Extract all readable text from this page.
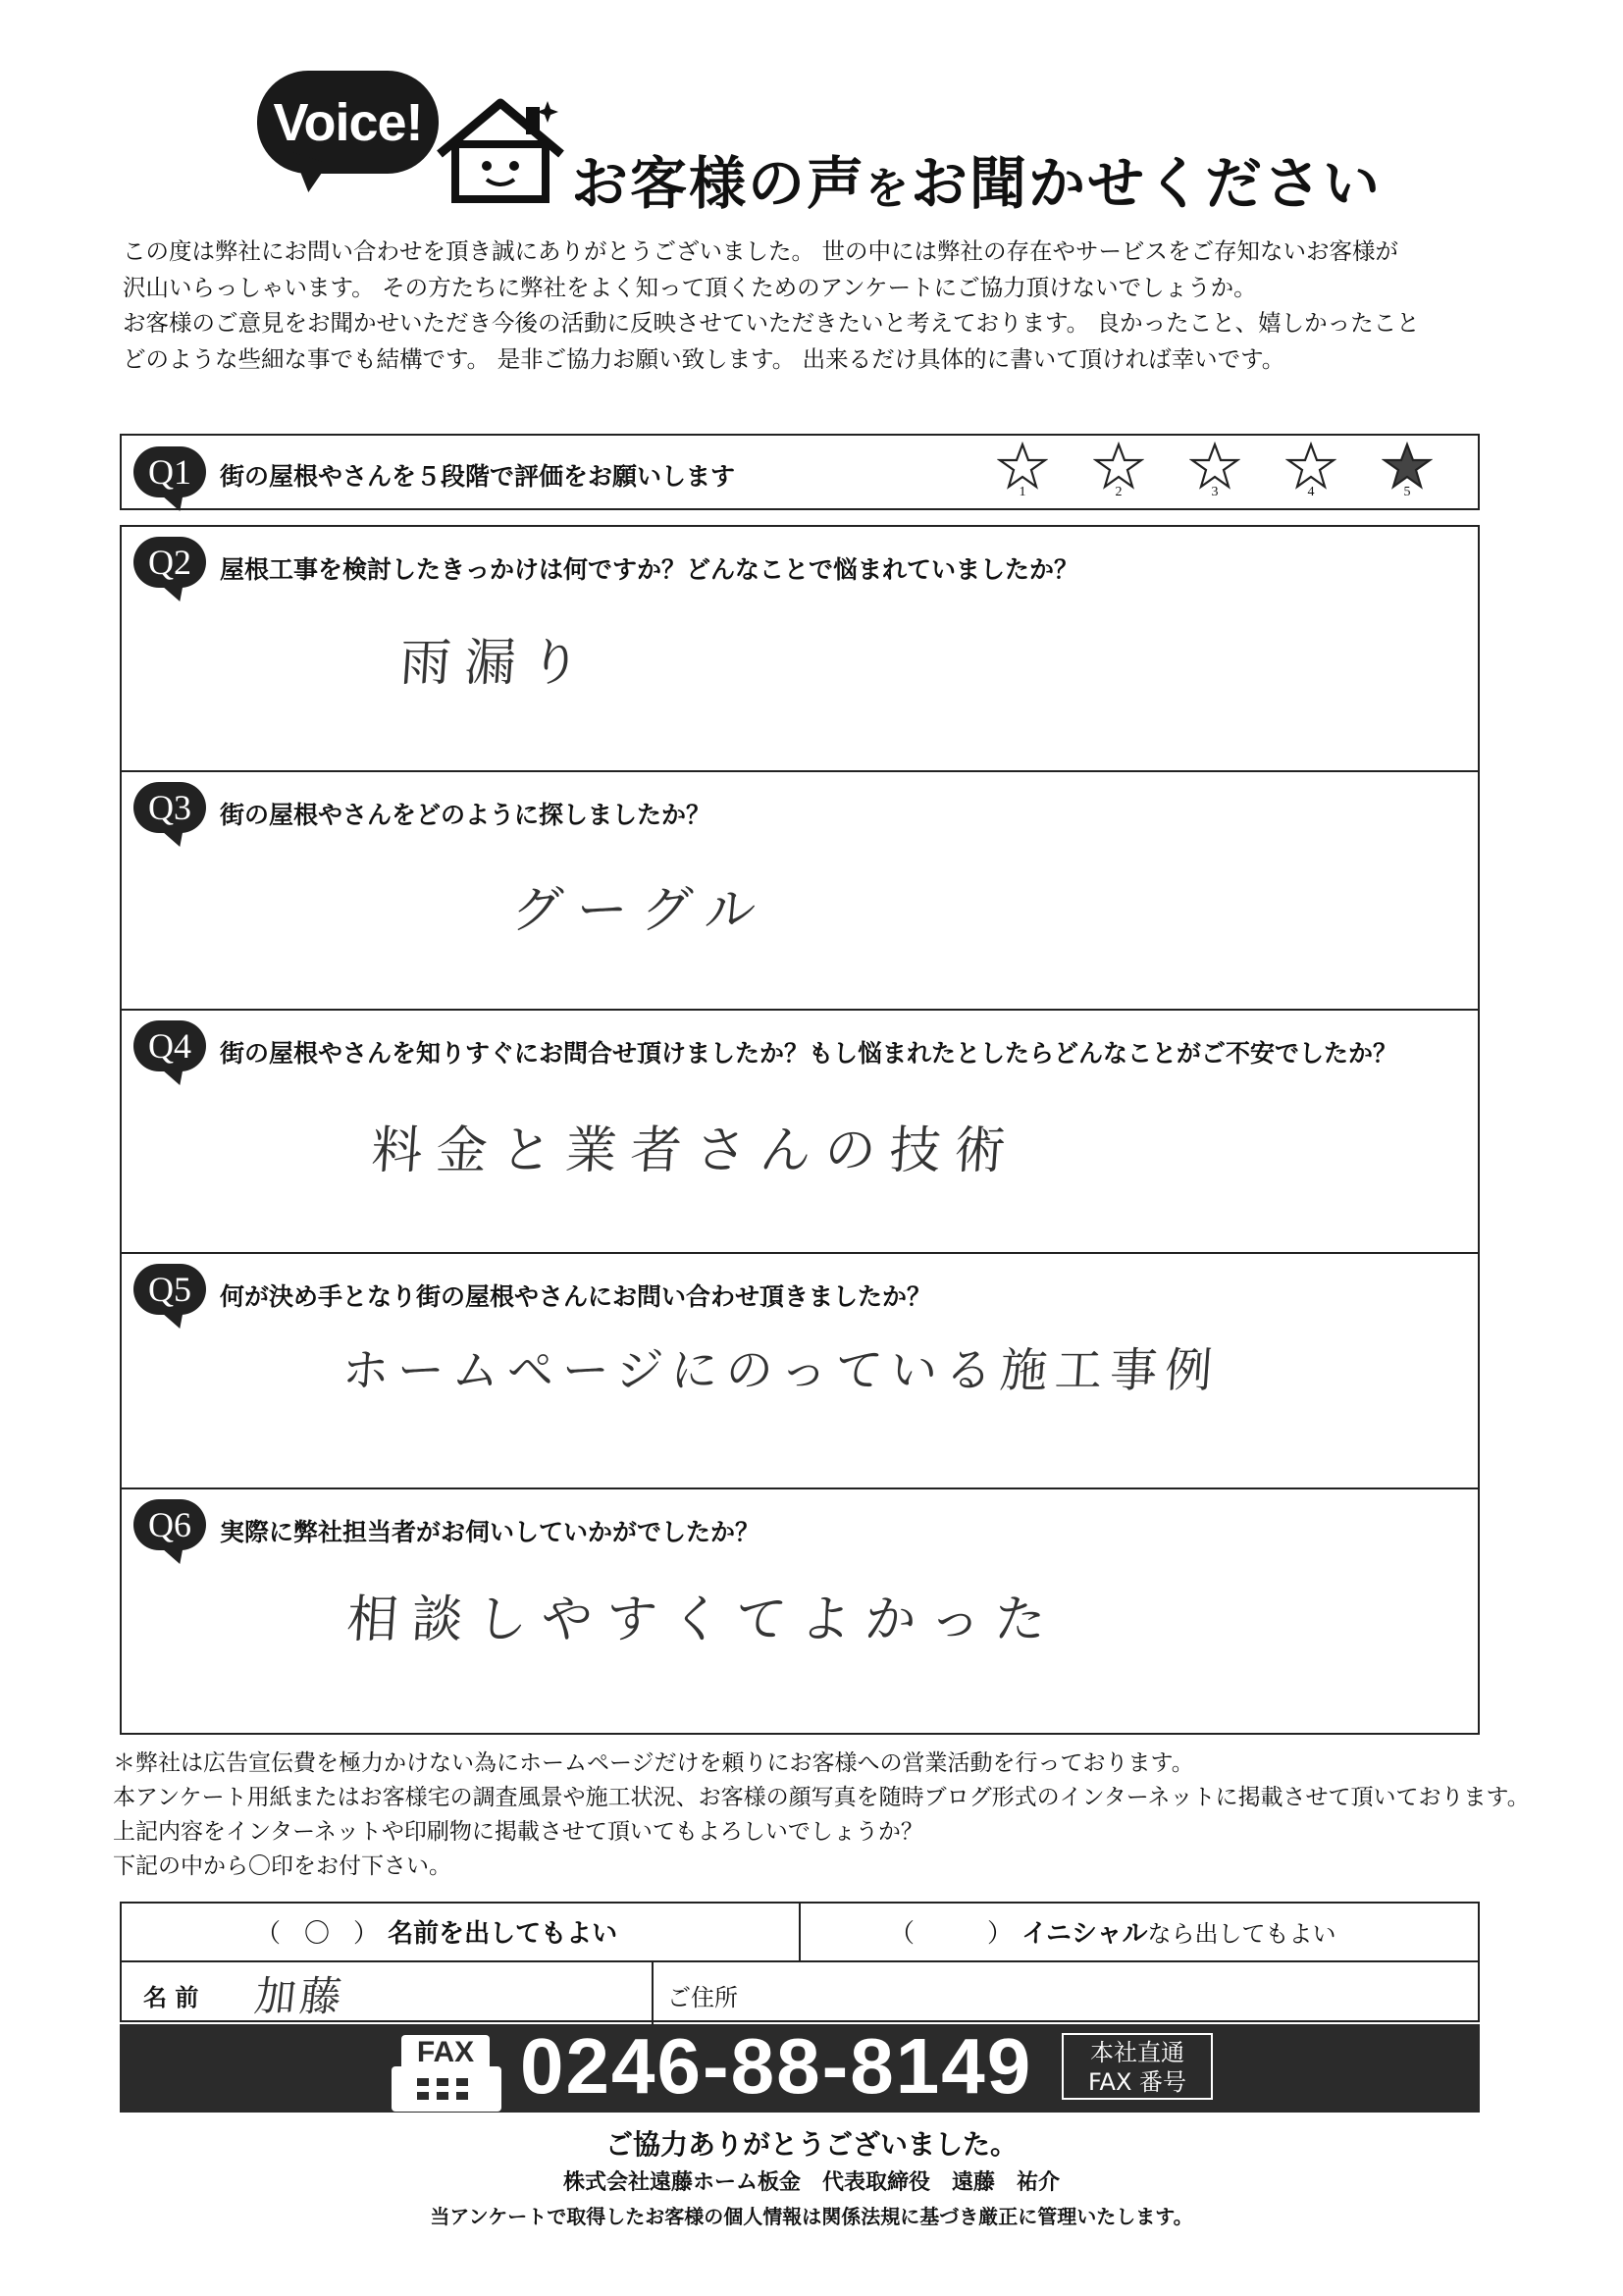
Voice!
お客様の声をお聞かせください

この度は弊社にお問い合わせを頂き誠にありがとうございました。 世の中には弊社の存在やサービスをご存知ないお客様が

沢山いらっしゃいます。 その方たちに弊社をよく知って頂くためのアンケートにご協力頂けないでしょうか。

お客様のご意見をお聞かせいただき今後の活動に反映させていただきたいと考えております。 良かったこと、嬉しかったこと

どのような些細な事でも結構です。 是非ご協力お願い致します。 出来るだけ具体的に書いて頂ければ幸いです。

Q1	街の屋根やさんを５段階で評価をお願いします
1	2	3	4	5
Q2	屋根工事を検討したきっかけは何ですか？どんなことで悩まれていましたか？
雨漏り
Q3	街の屋根やさんをどのように探しましたか？
グーグル
Q4	街の屋根やさんを知りすぐにお問合せ頂けましたか？もし悩まれたとしたらどんなことがご不安でしたか？
料金と業者さんの技術
Q5	何が決め手となり街の屋根やさんにお問い合わせ頂きましたか？
ホームページにのっている施工事例
Q6	実際に弊社担当者がお伺いしていかがでしたか？
相談しやすくてよかった

＊弊社は広告宣伝費を極力かけない為にホームページだけを頼りにお客様への営業活動を行っております。

本アンケート用紙またはお客様宅の調査風景や施工状況、お客様の顔写真を随時ブログ形式のインターネットに掲載させて頂いております。

上記内容をインターネットや印刷物に掲載させて頂いてもよろしいでしょうか？

下記の中から〇印をお付下さい。

（ 〇 ） 名前を出してもよい	（	） イニシャルなら出してもよい
名 前 加藤	ご住所
FAX 0246-88-8149	本社直通
FAX 番号
ご協力ありがとうございました。
株式会社遠藤ホーム板金　代表取締役　遠藤　祐介
当アンケートで取得したお客様の個人情報は関係法規に基づき厳正に管理いたします。
